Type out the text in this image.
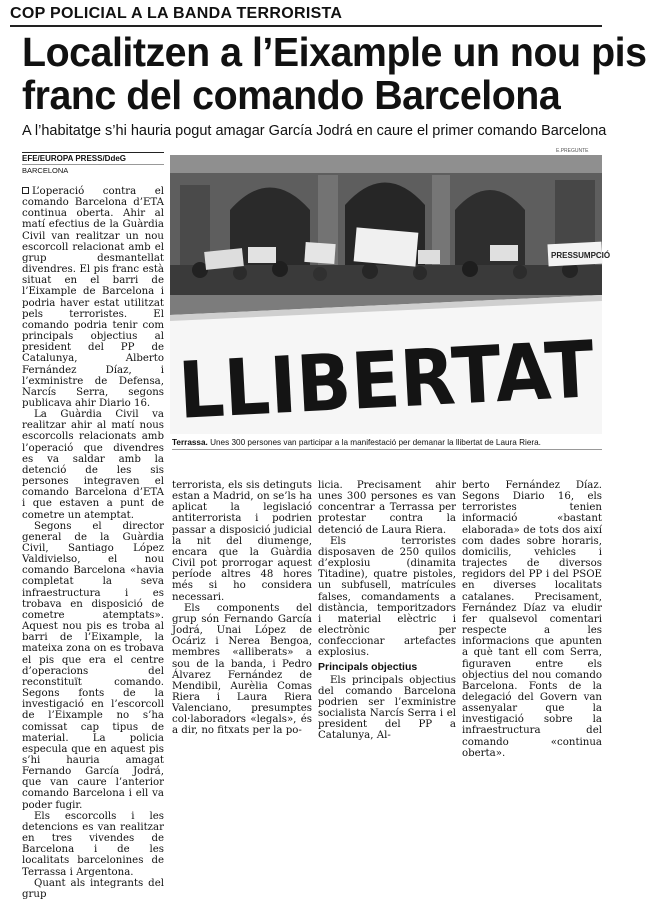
COP POLICIAL A LA BANDA TERRORISTA
Localitzen a l’Eixample un nou pis
franc del comando Barcelona
A l’habitatge s’hi hauria pogut amagar García Jodrá en caure el primer comando Barcelona
EFE/EUROPA PRESS/DdeG
BARCELONA

L’operació contra el comando Barcelona d’ETA continua oberta. Ahir al matí efectius de la Guàrdia Civil van realitzar un nou escorcoll relacionat amb el grup desmantellat divendres. El pis franc està situat en el barri de l’Eixample de Barcelona i podria haver estat utilitzat pels terroristes. El comando podria tenir com principals objectius al president del PP de Catalunya, Alberto Fernández Díaz, i l’exministre de Defensa, Narcís Serra, segons publicava ahir Diario 16.

La Guàrdia Civil va realitzar ahir al matí nous escorcolls relacionats amb l’operació que divendres es va saldar amb la detenció de les sis persones integraven el comando Barcelona d’ETA i que estaven a punt de cometre un atemptat.

Segons el director general de la Guàrdia Civil, Santiago López Valdivielso, el nou comando Barcelona «havia completat la seva infraestructura i es trobava en disposició de cometre atemptats». Aquest nou pis es troba al barri de l’Eixample, la mateixa zona on es trobava el pis que era el centre d’operacions del reconstituït comando. Segons fonts de la investigació en l’escorcoll de l’Eixample no s’ha comissat cap tipus de material. La policia especula que en aquest pis s’hi hauria amagat Fernando García Jodrá, que van caure l’anterior comando Barcelona i ell va poder fugir.

Els escorcolls i les detencions es van realitzar en tres vivendes de Barcelona i de les localitats barcelonines de Terrassa i Argentona.

Quant als integrants del grup

E.PREGUNTE
PRESSUMPCIÓ
LLIBERTAT
Terrassa. Unes 300 persones van participar a la manifestació per demanar la llibertat de Laura Riera.

terrorista, els sis detinguts estan a Madrid, on se’ls ha aplicat la legislació antiterrorista i podrien passar a disposició judicial la nit del diumenge, encara que la Guàrdia Civil pot prorrogar aquest període altres 48 hores més si ho considera necessari.

Els components del grup són Fernando García Jodrá, Unai López de Ocáriz i Nerea Bengoa, membres «alliberats» a sou de la banda, i Pedro Álvarez Fernández de Mendibil, Aurèlia Comas Riera i Laura Riera Valenciano, presumptes col·laboradors «legals», és a dir, no fitxats per la po-

licia. Precisament ahir unes 300 persones es van concentrar a Terrassa per protestar contra la detenció de Laura Riera.

Els terroristes disposaven de 250 quilos d’explosiu (dinamita Titadine), quatre pistoles, un subfusell, matrícules falses, comandaments a distància, temporitzadors i material elèctric i electrònic per confeccionar artefactes explosius.

Principals objectius

Els principals objectius del comando Barcelona podrien ser l’exministre socialista Narcís Serra i el president del PP a Catalunya, Al-

berto Fernández Díaz. Segons Diario 16, els terroristes tenien informació «bastant elaborada» de tots dos així com dades sobre horaris, domicilis, vehicles i trajectes de diversos regidors del PP i del PSOE en diverses localitats catalanes. Precisament, Fernández Díaz va eludir fer qualsevol comentari respecte a les informacions que apunten a què tant ell com Serra, figuraven entre els objectius del nou comando Barcelona. Fonts de la delegació del Govern van assenyalar que la investigació sobre la infraestructura del comando «continua oberta».
